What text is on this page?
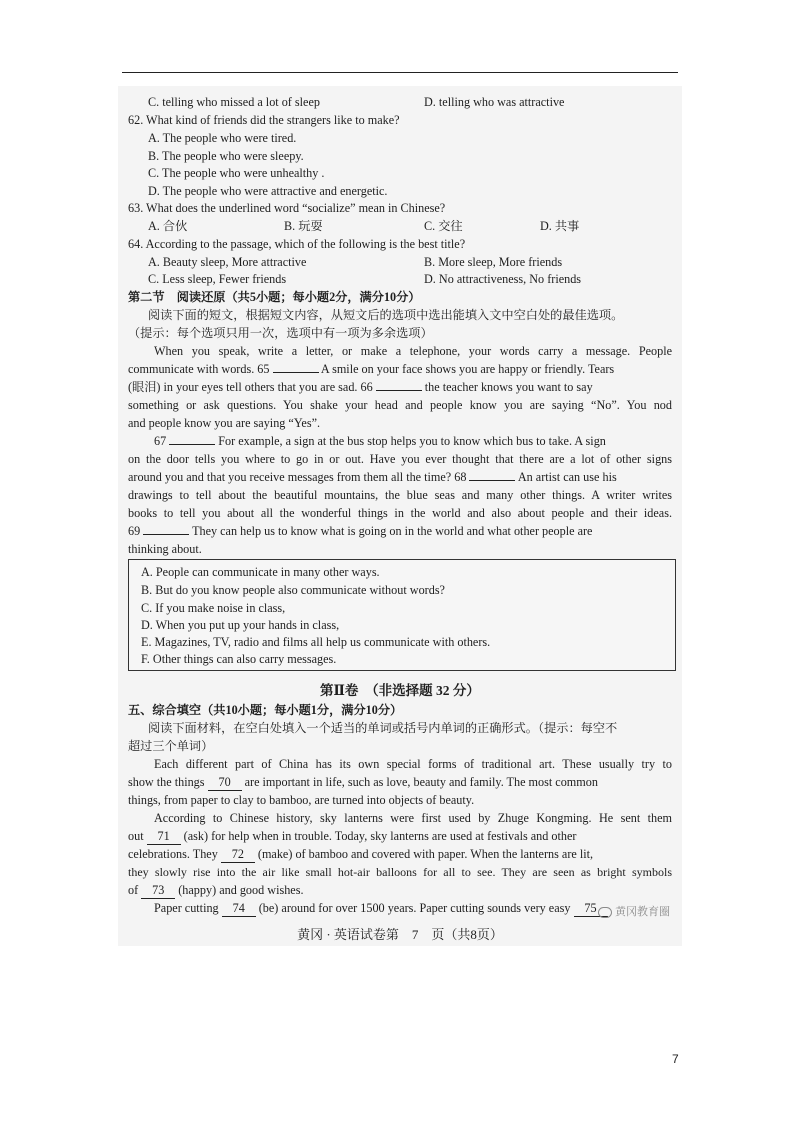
C. telling who missed a lot of sleep	D. telling who was attractive
62. What kind of friends did the strangers like to make?
A. The people who were tired.
B. The people who were sleepy.
C. The people who were unhealthy .
D. The people who were attractive and energetic.
63. What does the underlined word “socialize” mean in Chinese?
A. 合伙	B. 玩耍	C. 交往	D. 共事
64. According to the passage, which of the following is the best title?
A. Beauty sleep, More attractive	B. More sleep, More friends
C. Less sleep, Fewer friends	D. No attractiveness, No friends
第二节　阅读还原（共5小题；每小题2分，满分10分）
阅读下面的短文，根据短文内容，从短文后的选项中选出能填入文中空白处的最佳选项。
（提示：每个选项只用一次，选项中有一项为多余选项）
When you speak, write a letter, or make a telephone, your words carry a message. People
communicate with words. 65	A smile on your face shows you are happy or friendly. Tears
(眼泪) in your eyes tell others that you are sad. 66	the teacher knows you want to say
something or ask questions. You shake your head and people know you are saying “No”. You nod
and people know you are saying “Yes”.
67	For example, a sign at the bus stop helps you to know which bus to take. A sign
on the door tells you where to go in or out. Have you ever thought that there are a lot of other signs
around you and that you receive messages from them all the time? 68	An artist can use his
drawings to tell about the beautiful mountains, the blue seas and many other things. A writer writes
books to tell you about all the wonderful things in the world and also about people and their ideas.
69	They can help us to know what is going on in the world and what other people are
thinking about.
A. People can communicate in many other ways.
B. But do you know people also communicate without words?
C. If you make noise in class,
D. When you put up your hands in class,
E. Magazines, TV, radio and films all help us communicate with others.
F. Other things can also carry messages.
第Ⅱ卷　（非选择题 32 分）
五、综合填空（共10小题；每小题1分，满分10分）
阅读下面材料，在空白处填入一个适当的单词或括号内单词的正确形式。（提示：每空不
超过三个单词）
Each different part of China has its own special forms of traditional art. These usually try to
show the things 70 are important in life, such as love, beauty and family. The most common
things, from paper to clay to bamboo, are turned into objects of beauty.
According to Chinese history, sky lanterns were first used by Zhuge Kongming. He sent them
out 71 (ask) for help when in trouble. Today, sky lanterns are used at festivals and other
celebrations. They 72 (make) of bamboo and covered with paper. When the lanterns are lit,
they slowly rise into the air like small hot-air balloons for all to see. They are seen as bright symbols
of 73 (happy) and good wishes.
Paper cutting 74 (be) around for over 1500 years. Paper cutting sounds very easy 75	黄冈教育圈
黄冈 · 英语试卷第　7　页（共8页）
7
